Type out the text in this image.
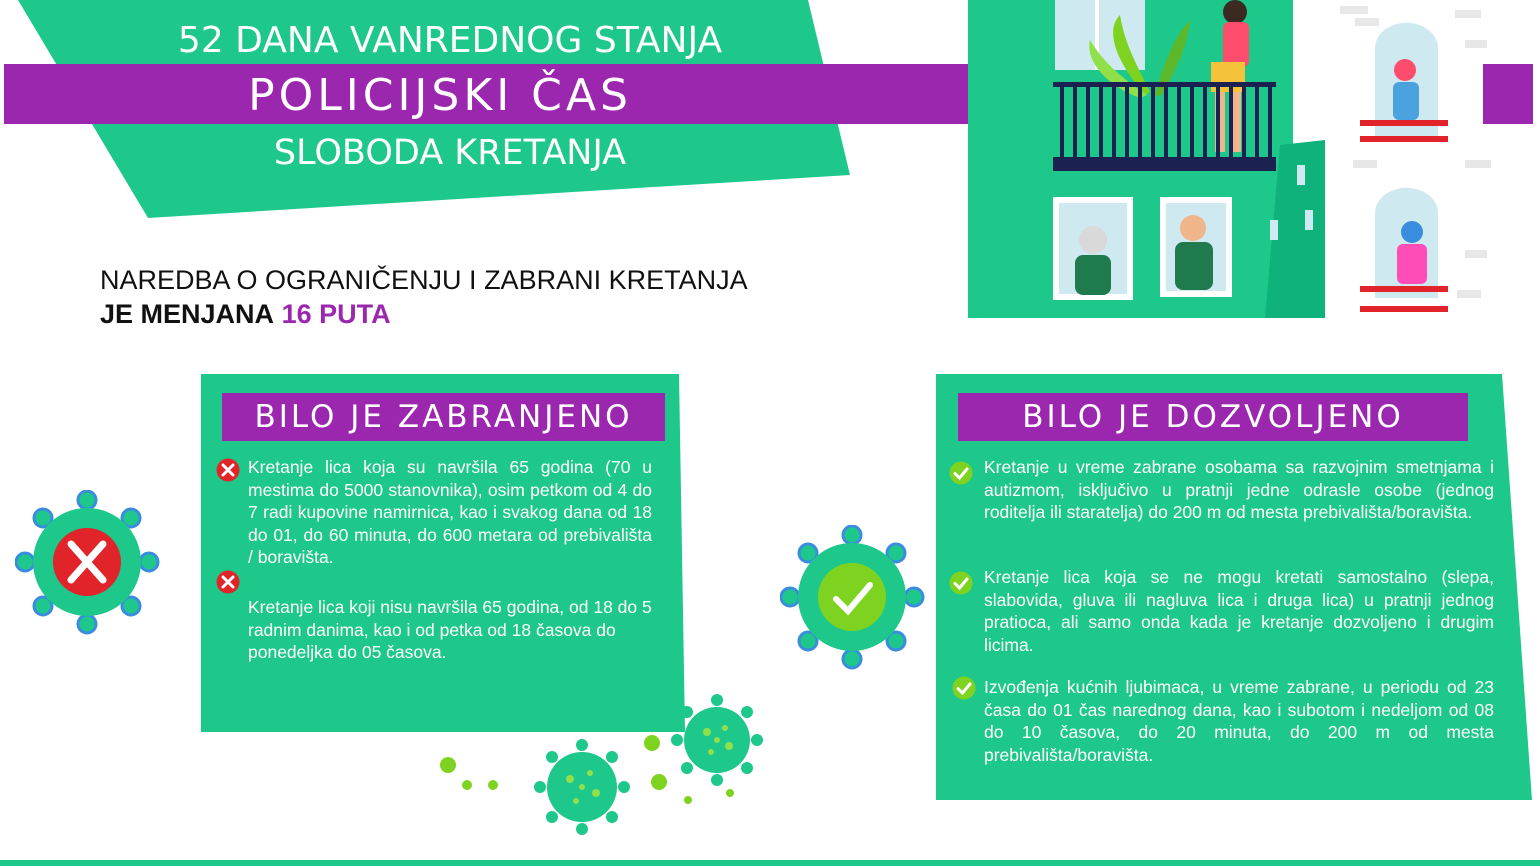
52 DANA VANREDNOG STANJA
POLICIJSKI ČAS
SLOBODA KRETANJA
NAREDBA O OGRANIČENJU I ZABRANI KRETANJA
JE MENJANA 16 PUTA
BILO JE ZABRANJENO

Kretanje lica koja su navršila 65 godina (70 u mestima do 5000 stanovnika), osim petkom od 4 do 7 radi kupovine namirnica, kao i svakog dana od 18 do 01, do 60 minuta, do 600 metara od prebivališta / boravišta.

Kretanje lica koji nisu navršila 65 godina, od 18 do 5 radnim danima, kao i od petka od 18 časova do ponedeljka do 05 časova.

BILO JE DOZVOLJENO

Kretanje u vreme zabrane osobama sa razvojnim smetnjama i autizmom, isključivo u pratnji jedne odrasle osobe (jednog roditelja ili staratelja) do 200 m od mesta prebivališta/boravišta.

Kretanje lica koja se ne mogu kretati samostalno (slepa, slabovida, gluva ili nagluva lica i druga lica) u pratnji jednog pratioca, ali samo onda kada je kretanje dozvoljeno i drugim licima.

Izvođenja kućnih ljubimaca, u vreme zabrane, u periodu od 23 časa do 01 čas narednog dana, kao i subotom i nedeljom od 08 do 10 časova, do 20 minuta, do 200 m od mesta prebivališta/boravišta.
